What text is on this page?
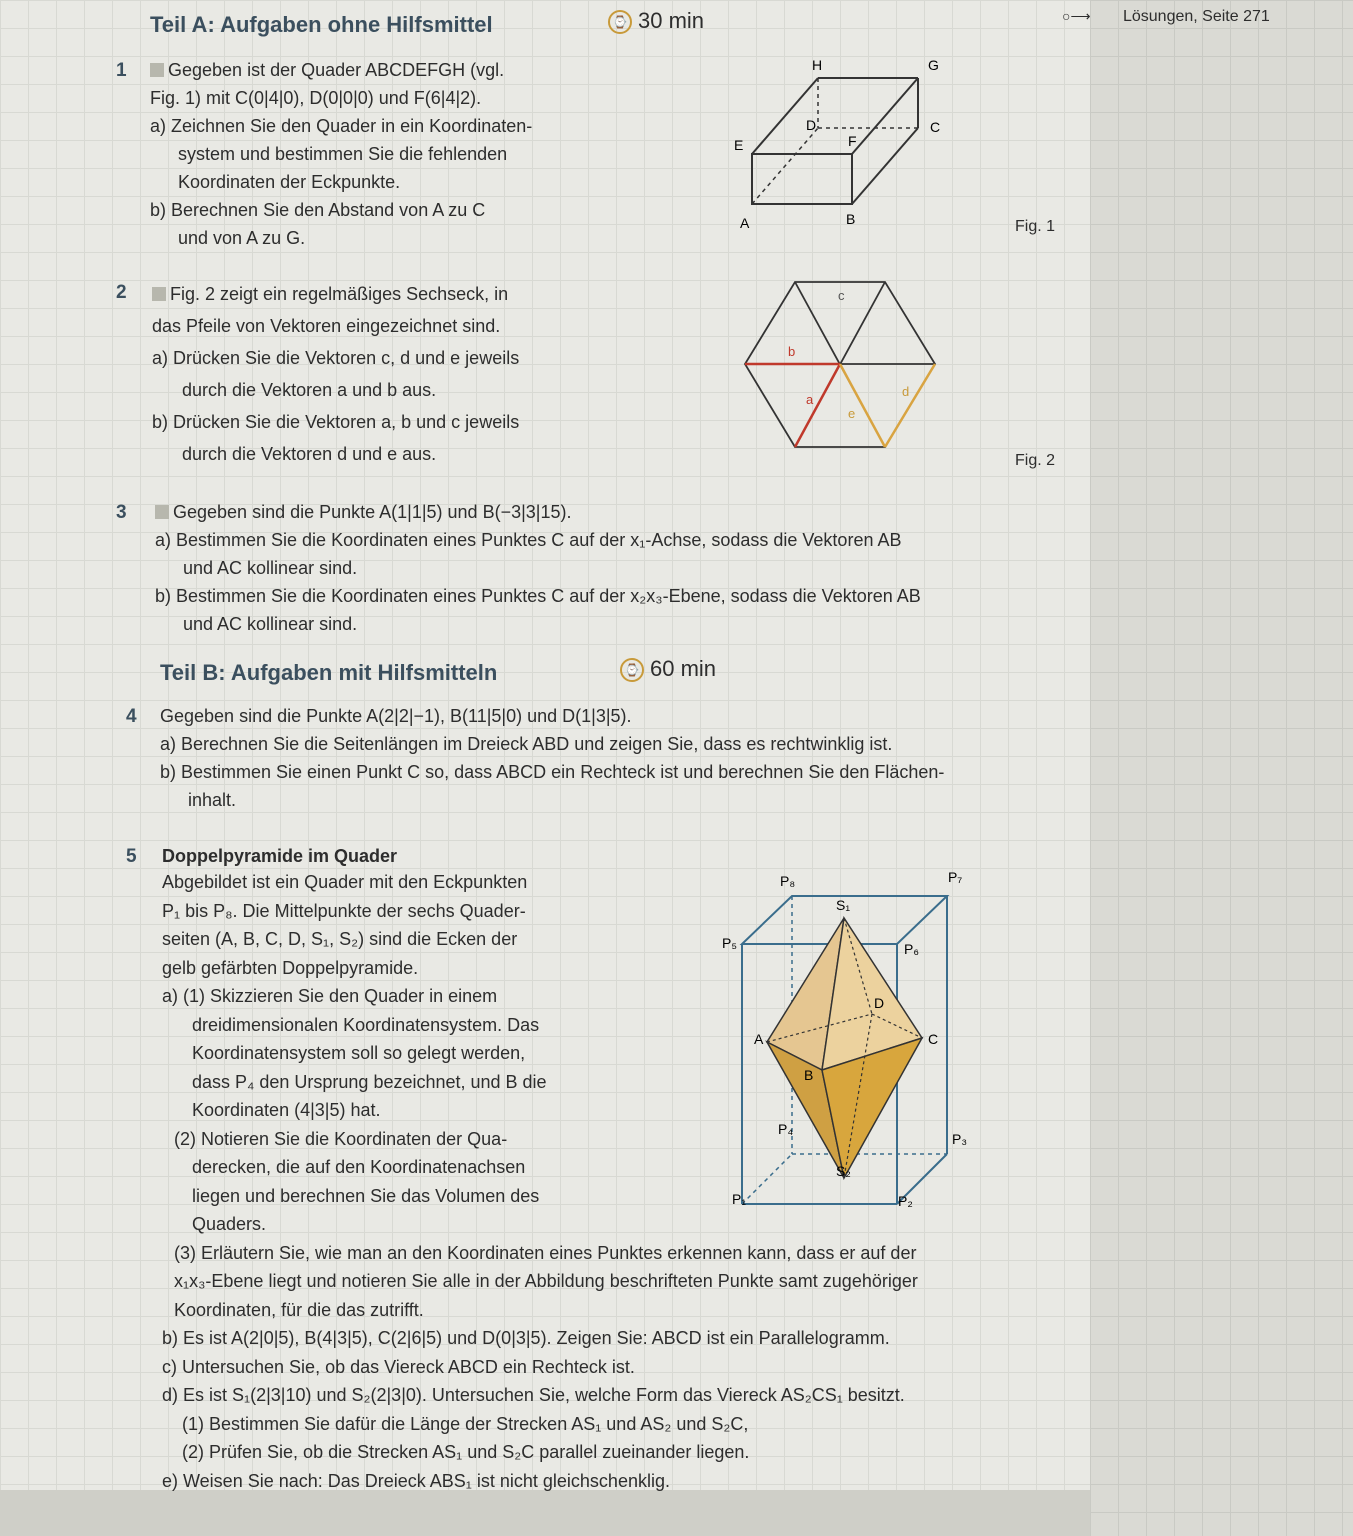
Teil A: Aufgaben ohne Hilfsmittel	⌚ 30 min	○⟶ Lösungen, Seite 271
1	Gegeben ist der Quader ABCDEFGH (vgl.
Fig. 1) mit C(0|4|0), D(0|0|0) und F(6|4|2).
a) Zeichnen Sie den Quader in ein Koordinaten-
system und bestimmen Sie die fehlenden
Koordinaten der Eckpunkte.
b) Berechnen Sie den Abstand von A zu C
und von A zu G.
H	G
D	C
E	F
A	B	Fig. 1
2	Fig. 2 zeigt ein regelmäßiges Sechseck, in
das Pfeile von Vektoren eingezeichnet sind.
a) Drücken Sie die Vektoren c, d und e jeweils
durch die Vektoren a und b aus.
b) Drücken Sie die Vektoren a, b und c jeweils
durch die Vektoren d und e aus.
c
b
a
d
e
Fig. 2
3	Gegeben sind die Punkte A(1|1|5) und B(−3|3|15).
a) Bestimmen Sie die Koordinaten eines Punktes C auf der x₁-Achse, sodass die Vektoren AB
und AC kollinear sind.
b) Bestimmen Sie die Koordinaten eines Punktes C auf der x₂x₃-Ebene, sodass die Vektoren AB
und AC kollinear sind.
Teil B: Aufgaben mit Hilfsmitteln	⌚ 60 min
4 Gegeben sind die Punkte A(2|2|−1), B(11|5|0) und D(1|3|5).
a) Berechnen Sie die Seitenlängen im Dreieck ABD und zeigen Sie, dass es rechtwinklig ist.
b) Bestimmen Sie einen Punkt C so, dass ABCD ein Rechteck ist und berechnen Sie den Flächen-
inhalt.
5 Doppelpyramide im Quader
Abgebildet ist ein Quader mit den Eckpunkten
P₁ bis P₈. Die Mittelpunkte der sechs Quader-
seiten (A, B, C, D, S₁, S₂) sind die Ecken der
gelb gefärbten Doppelpyramide.
a) (1) Skizzieren Sie den Quader in einem
dreidimensionalen Koordinatensystem. Das
Koordinatensystem soll so gelegt werden,
dass P₄ den Ursprung bezeichnet, und B die
Koordinaten (4|3|5) hat.
(2) Notieren Sie die Koordinaten der Qua-
derecken, die auf den Koordinatenachsen
liegen und berechnen Sie das Volumen des
Quaders.
(3) Erläutern Sie, wie man an den Koordinaten eines Punktes erkennen kann, dass er auf der
x₁x₃-Ebene liegt und notieren Sie alle in der Abbildung beschrifteten Punkte samt zugehöriger
Koordinaten, für die das zutrifft.
b) Es ist A(2|0|5), B(4|3|5), C(2|6|5) und D(0|3|5). Zeigen Sie: ABCD ist ein Parallelogramm.
c) Untersuchen Sie, ob das Viereck ABCD ein Rechteck ist.
d) Es ist S₁(2|3|10) und S₂(2|3|0). Untersuchen Sie, welche Form das Viereck AS₂CS₁ besitzt.
(1) Bestimmen Sie dafür die Länge der Strecken AS₁ und AS₂ und S₂C,
(2) Prüfen Sie, ob die Strecken AS₁ und S₂C parallel zueinander liegen.
e) Weisen Sie nach: Das Dreieck ABS₁ ist nicht gleichschenklig.
P₈	P₇
P₅	P₆
S₁
D
A	C
B
P₄
P₃
S₂
P₁	P₂
